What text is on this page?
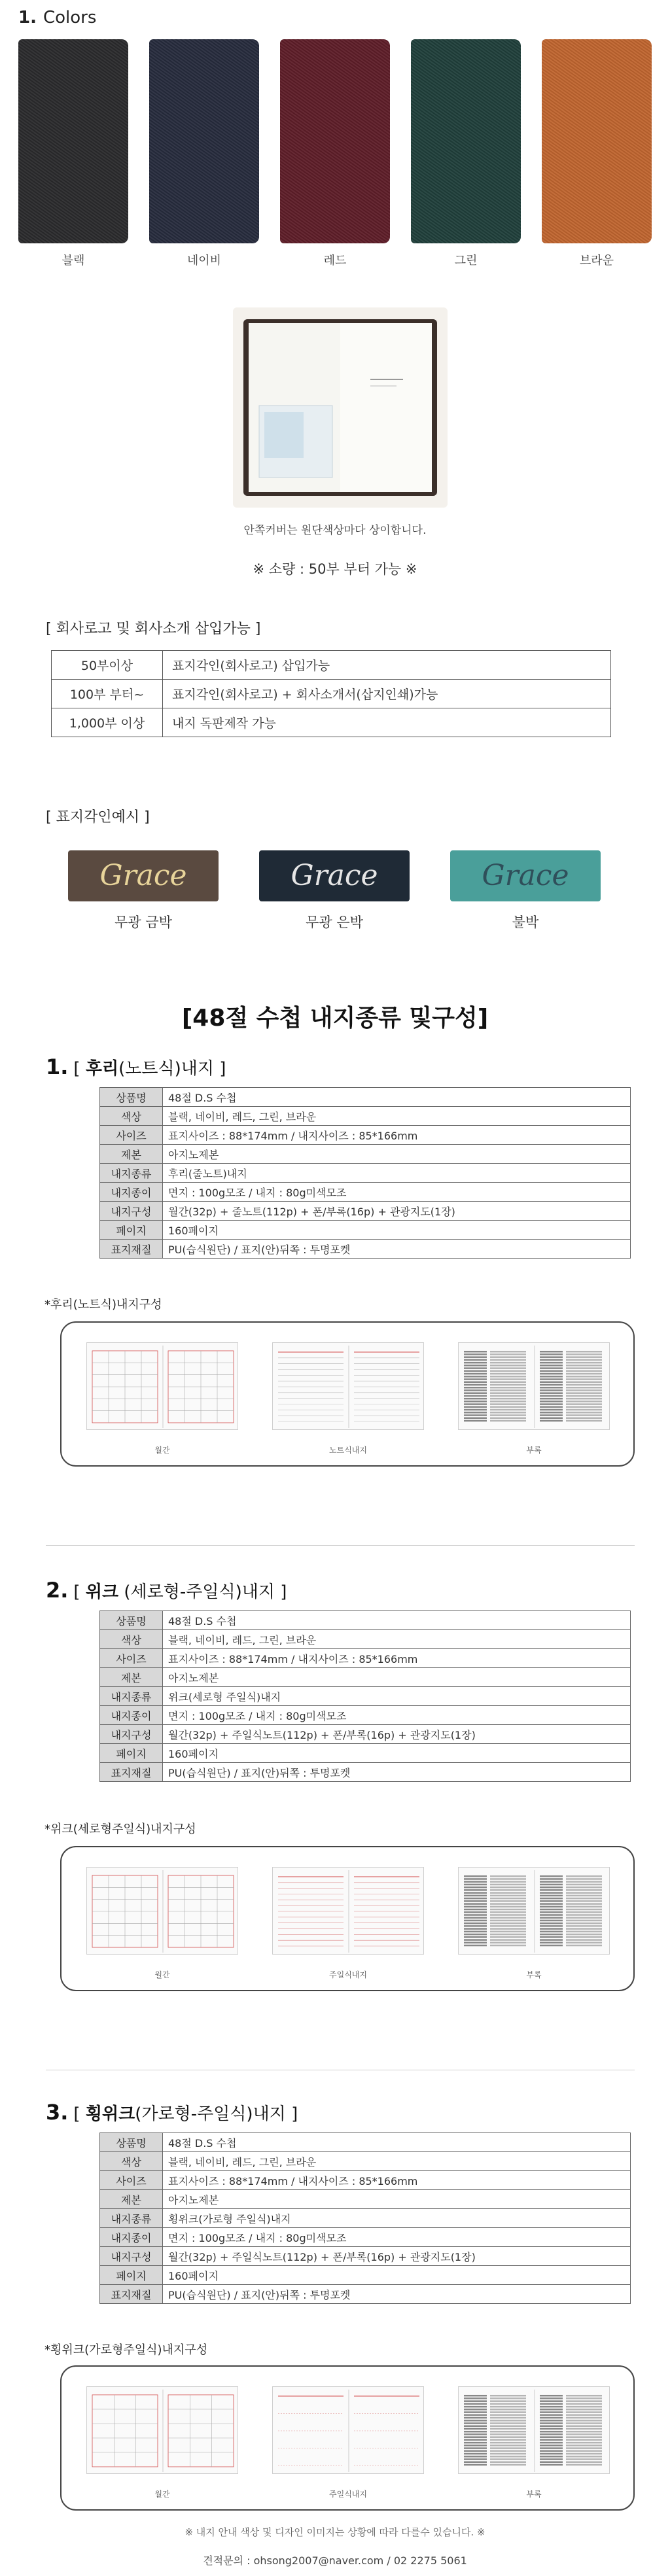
1. Colors
블랙	네이비	레드	그린	브라운
안쪽커버는 원단색상마다 상이합니다.
※ 소량 : 50부 부터 가능 ※
[ 회사로고 및 회사소개 삽입가능 ]
50부이상	표지각인(회사로고) 삽입가능
100부 부터~	표지각인(회사로고) + 회사소개서(삽지인쇄)가능
1,000부 이상	내지 독판제작 가능
[ 표지각인예시 ]
Grace	Grace	Grace
무광 금박	무광 은박	불박
[48절 수첩 내지종류 및구성]
1. [ 후리(노트식)내지 ]
상품명	48절 D.S 수첩
색상	블랙, 네이비, 레드, 그린, 브라운
사이즈	표지사이즈 : 88*174mm / 내지사이즈 : 85*166mm
제본	아지노제본
내지종류	후리(줄노트)내지
내지종이	면지 : 100g모조 / 내지 : 80g미색모조
내지구성	월간(32p) + 줄노트(112p) + 폰/부록(16p) + 관광지도(1장)
페이지	160페이지
표지재질	PU(습식원단) / 표지(안)뒤쪽 : 투명포켓
*후리(노트식)내지구성
월간	노트식내지	부록
2. [ 위크 (세로형-주일식)내지 ]
상품명	48절 D.S 수첩
색상	블랙, 네이비, 레드, 그린, 브라운
사이즈	표지사이즈 : 88*174mm / 내지사이즈 : 85*166mm
제본	아지노제본
내지종류	위크(세로형 주일식)내지
내지종이	면지 : 100g모조 / 내지 : 80g미색모조
내지구성	월간(32p) + 주일식노트(112p) + 폰/부록(16p) + 관광지도(1장)
페이지	160페이지
표지재질	PU(습식원단) / 표지(안)뒤쪽 : 투명포켓
*위크(세로형주일식)내지구성
월간	주일식내지	부록
3. [ 횡위크(가로형-주일식)내지 ]
상품명	48절 D.S 수첩
색상	블랙, 네이비, 레드, 그린, 브라운
사이즈	표지사이즈 : 88*174mm / 내지사이즈 : 85*166mm
제본	아지노제본
내지종류	횡위크(가로형 주일식)내지
내지종이	면지 : 100g모조 / 내지 : 80g미색모조
내지구성	월간(32p) + 주일식노트(112p) + 폰/부록(16p) + 관광지도(1장)
페이지	160페이지
표지재질	PU(습식원단) / 표지(안)뒤쪽 : 투명포켓
*횡위크(가로형주일식)내지구성
월간	주일식내지	부록
※ 내지 안내 색상 및 디자인 이미지는 상황에 따라 다를수 있습니다. ※
견적문의 : ohsong2007@naver.com / 02 2275 5061
